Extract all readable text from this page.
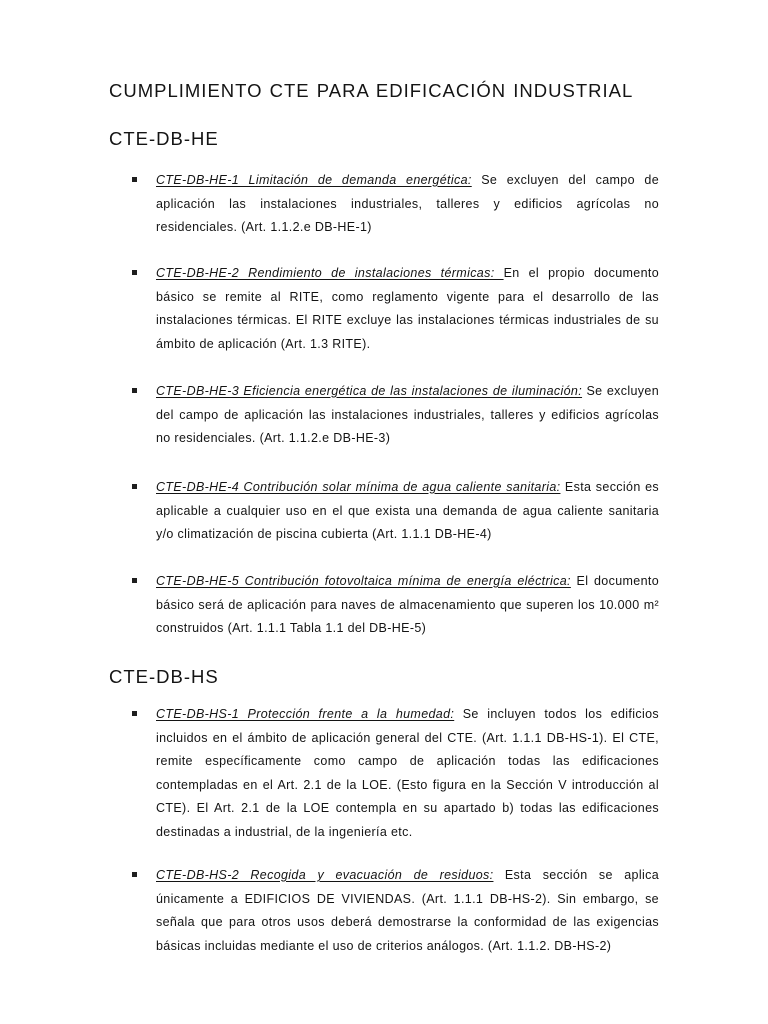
CUMPLIMIENTO CTE PARA EDIFICACIÓN INDUSTRIAL
CTE-DB-HE

CTE-DB-HE-1 Limitación de demanda energética: Se excluyen del campo de aplicación las instalaciones industriales, talleres y edificios agrícolas no residenciales. (Art. 1.1.2.e DB-HE-1)

CTE-DB-HE-2 Rendimiento de instalaciones térmicas: En el propio documento básico se remite al RITE, como reglamento vigente para el desarrollo de las instalaciones térmicas. El RITE excluye las instalaciones térmicas industriales de su ámbito de aplicación (Art. 1.3 RITE).

CTE-DB-HE-3 Eficiencia energética de las instalaciones de iluminación: Se excluyen del campo de aplicación las instalaciones industriales, talleres y edificios agrícolas no residenciales. (Art. 1.1.2.e DB-HE-3)

CTE-DB-HE-4 Contribución solar mínima de agua caliente sanitaria: Esta sección es aplicable a cualquier uso en el que exista una demanda de agua caliente sanitaria y/o climatización de piscina cubierta (Art. 1.1.1 DB-HE-4)

CTE-DB-HE-5 Contribución fotovoltaica mínima de energía eléctrica: El documento básico será de aplicación para naves de almacenamiento que superen los 10.000 m² construidos (Art. 1.1.1 Tabla 1.1 del DB-HE-5)

CTE-DB-HS

CTE-DB-HS-1 Protección frente a la humedad: Se incluyen todos los edificios incluidos en el ámbito de aplicación general del CTE. (Art. 1.1.1 DB-HS-1). El CTE, remite específicamente como campo de aplicación todas las edificaciones contempladas en el Art. 2.1 de la LOE. (Esto figura en la Sección V introducción al CTE). El Art. 2.1 de la LOE contempla en su apartado b) todas las edificaciones destinadas a industrial, de la ingeniería etc.

CTE-DB-HS-2 Recogida y evacuación de residuos: Esta sección se aplica únicamente a EDIFICIOS DE VIVIENDAS. (Art. 1.1.1 DB-HS-2). Sin embargo, se señala que para otros usos deberá demostrarse la conformidad de las exigencias básicas incluidas mediante el uso de criterios análogos. (Art. 1.1.2. DB-HS-2)
